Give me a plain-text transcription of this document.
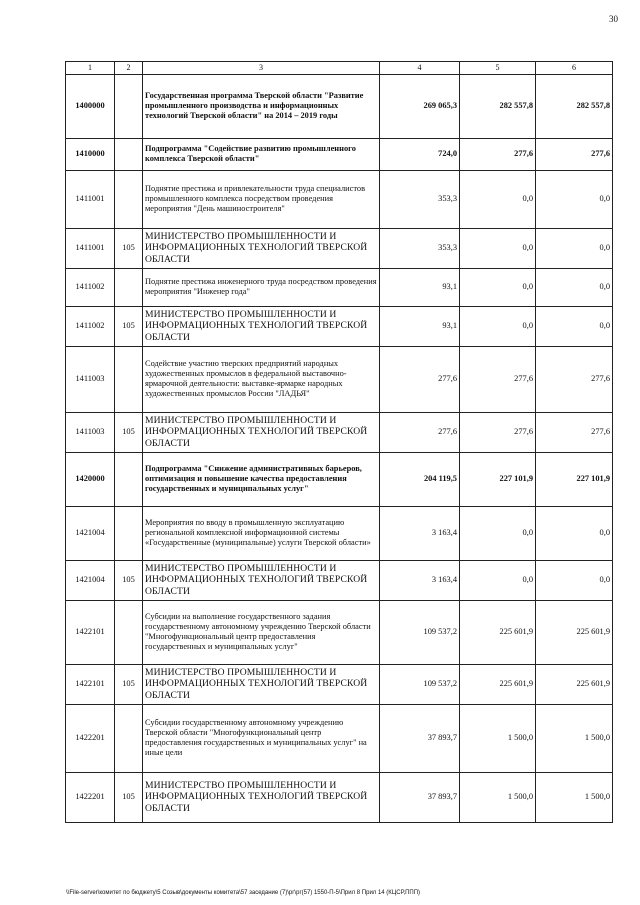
30
1	2	3	4	5	6
1400000		Государственная программа Тверской области "Развитие промышленного производства и информационных технологий Тверской области" на 2014 – 2019 годы	269 065,3	282 557,8	282 557,8
1410000		Подпрограмма "Содействие развитию промышленного комплекса Тверской области"	724,0	277,6	277,6
1411001		Поднятие престижа и привлекательности труда специалистов промышленного комплекса посредством проведения мероприятия "День машиностроителя"	353,3	0,0	0,0
1411001	105	МИНИСТЕРСТВО ПРОМЫШЛЕННОСТИ И ИНФОРМАЦИОННЫХ ТЕХНОЛОГИЙ ТВЕРСКОЙ ОБЛАСТИ	353,3	0,0	0,0
1411002		Поднятие престижа инженерного труда посредством проведения мероприятия "Инженер года"	93,1	0,0	0,0
1411002	105	МИНИСТЕРСТВО ПРОМЫШЛЕННОСТИ И ИНФОРМАЦИОННЫХ ТЕХНОЛОГИЙ ТВЕРСКОЙ ОБЛАСТИ	93,1	0,0	0,0
1411003		Содействие участию тверских предприятий народных художественных промыслов в федеральной выставочно-ярмарочной деятельности: выставке-ярмарке народных художественных промыслов России "ЛАДЬЯ"	277,6	277,6	277,6
1411003	105	МИНИСТЕРСТВО ПРОМЫШЛЕННОСТИ И ИНФОРМАЦИОННЫХ ТЕХНОЛОГИЙ ТВЕРСКОЙ ОБЛАСТИ	277,6	277,6	277,6
1420000		Подпрограмма "Снижение административных барьеров, оптимизация и повышение качества предоставления государственных и муниципальных услуг"	204 119,5	227 101,9	227 101,9
1421004		Мероприятия по вводу в промышленную эксплуатацию региональной комплексной информационной системы «Государственные (муниципальные) услуги Тверской области»	3 163,4	0,0	0,0
1421004	105	МИНИСТЕРСТВО ПРОМЫШЛЕННОСТИ И ИНФОРМАЦИОННЫХ ТЕХНОЛОГИЙ ТВЕРСКОЙ ОБЛАСТИ	3 163,4	0,0	0,0
1422101		Субсидии на выполнение государственного задания государственному автономному учреждению Тверской области "Многофункциональный центр предоставления государственных и муниципальных услуг"	109 537,2	225 601,9	225 601,9
1422101	105	МИНИСТЕРСТВО ПРОМЫШЛЕННОСТИ И ИНФОРМАЦИОННЫХ ТЕХНОЛОГИЙ ТВЕРСКОЙ ОБЛАСТИ	109 537,2	225 601,9	225 601,9
1422201		Субсидии государственному автономному учреждению Тверской области "Многофункциональный центр предоставления государственных и муниципальных услуг" на иные цели	37 893,7	1 500,0	1 500,0
1422201	105	МИНИСТЕРСТВО ПРОМЫШЛЕННОСТИ И ИНФОРМАЦИОННЫХ ТЕХНОЛОГИЙ ТВЕРСКОЙ ОБЛАСТИ	37 893,7	1 500,0	1 500,0
\\File-server\комитет по бюджету\5 Созыв\документы комитета\57 заседание (7)\рг\рг(57) 1550-П-5\Прил 8 Прил 14 (КЦСР,ППП)
